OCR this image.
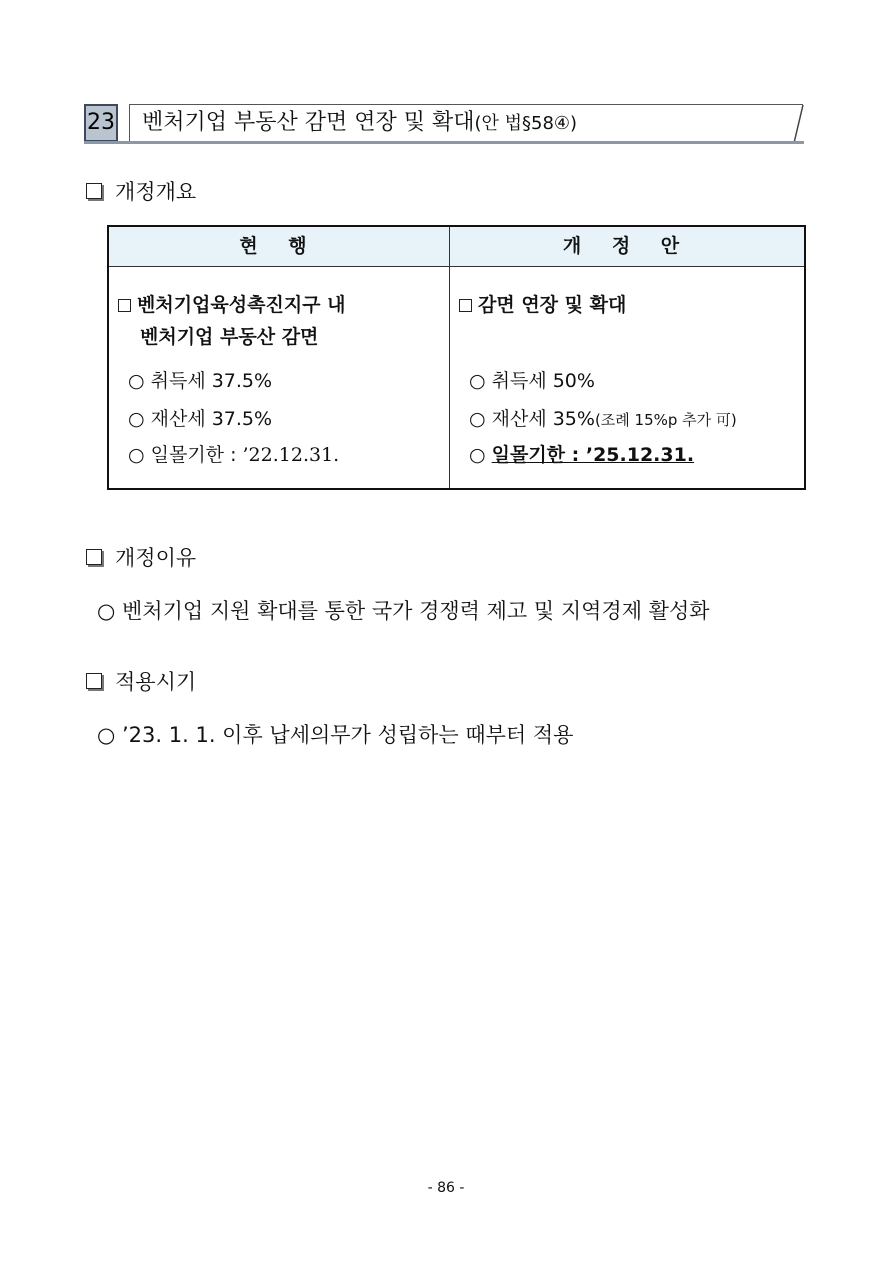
23	벤처기업 부동산 감면 연장 및 확대(안 법§58④)
개정개요
현 행	개 정 안
벤처기업육성촉진지구 내
벤처기업 부동산 감면
○ 취득세 37.5%
○ 재산세 37.5%
○ 일몰기한 : ’22.12.31.
감면 연장 및 확대
○ 취득세 50%
○ 재산세 35%(조례 15%p 추가 可)
○ 일몰기한 : ’25.12.31.
개정이유
○ 벤처기업 지원 확대를 통한 국가 경쟁력 제고 및 지역경제 활성화
적용시기
○ ’23. 1. 1. 이후 납세의무가 성립하는 때부터 적용
- 86 -
